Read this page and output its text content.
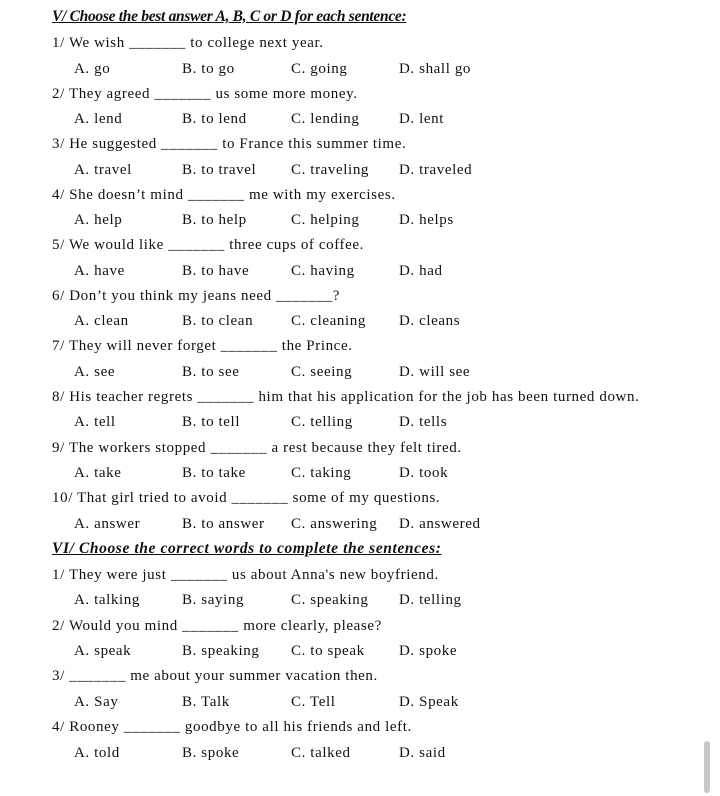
V/ Choose the best answer A, B, C or D for each sentence:
1/ We wish _______ to college next year.
A. go	B. to go	C. going	D. shall go
2/ They agreed _______ us some more money.
A. lend	B. to lend	C. lending	D. lent
3/ He suggested _______ to France this summer time.
A. travel	B. to travel C. traveling D. traveled
4/ She doesn’t mind _______ me with my exercises.
A. help	B. to help	C. helping	D. helps
5/ We would like _______ three cups of coffee.
A. have	B. to have	C. having	D. had
6/ Don’t you think my jeans need _______?
A. clean	B. to clean	C. cleaning D. cleans
7/ They will never forget _______ the Prince.
A. see	B. to see	C. seeing	D. will see
8/ His teacher regrets _______ him that his application for the job has been turned down.
A. tell	B. to tell	C. telling	D. tells
9/ The workers stopped _______ a rest because they felt tired.
A. take	B. to take	C. taking	D. took
10/ That girl tried to avoid _______ some of my questions.
A. answer	B. to answer C. answering D. answered
VI/ Choose the correct words to complete the sentences:
1/ They were just _______ us about Anna's new boyfriend.
A. talking	B. saying	C. speaking D. telling
2/ Would you mind _______ more clearly, please?
A. speak	B. speaking C. to speak D. spoke
3/ _______ me about your summer vacation then.
A. Say	B. Talk	C. Tell	D. Speak
4/ Rooney _______ goodbye to all his friends and left.
A. told	B. spoke	C. talked	D. said
